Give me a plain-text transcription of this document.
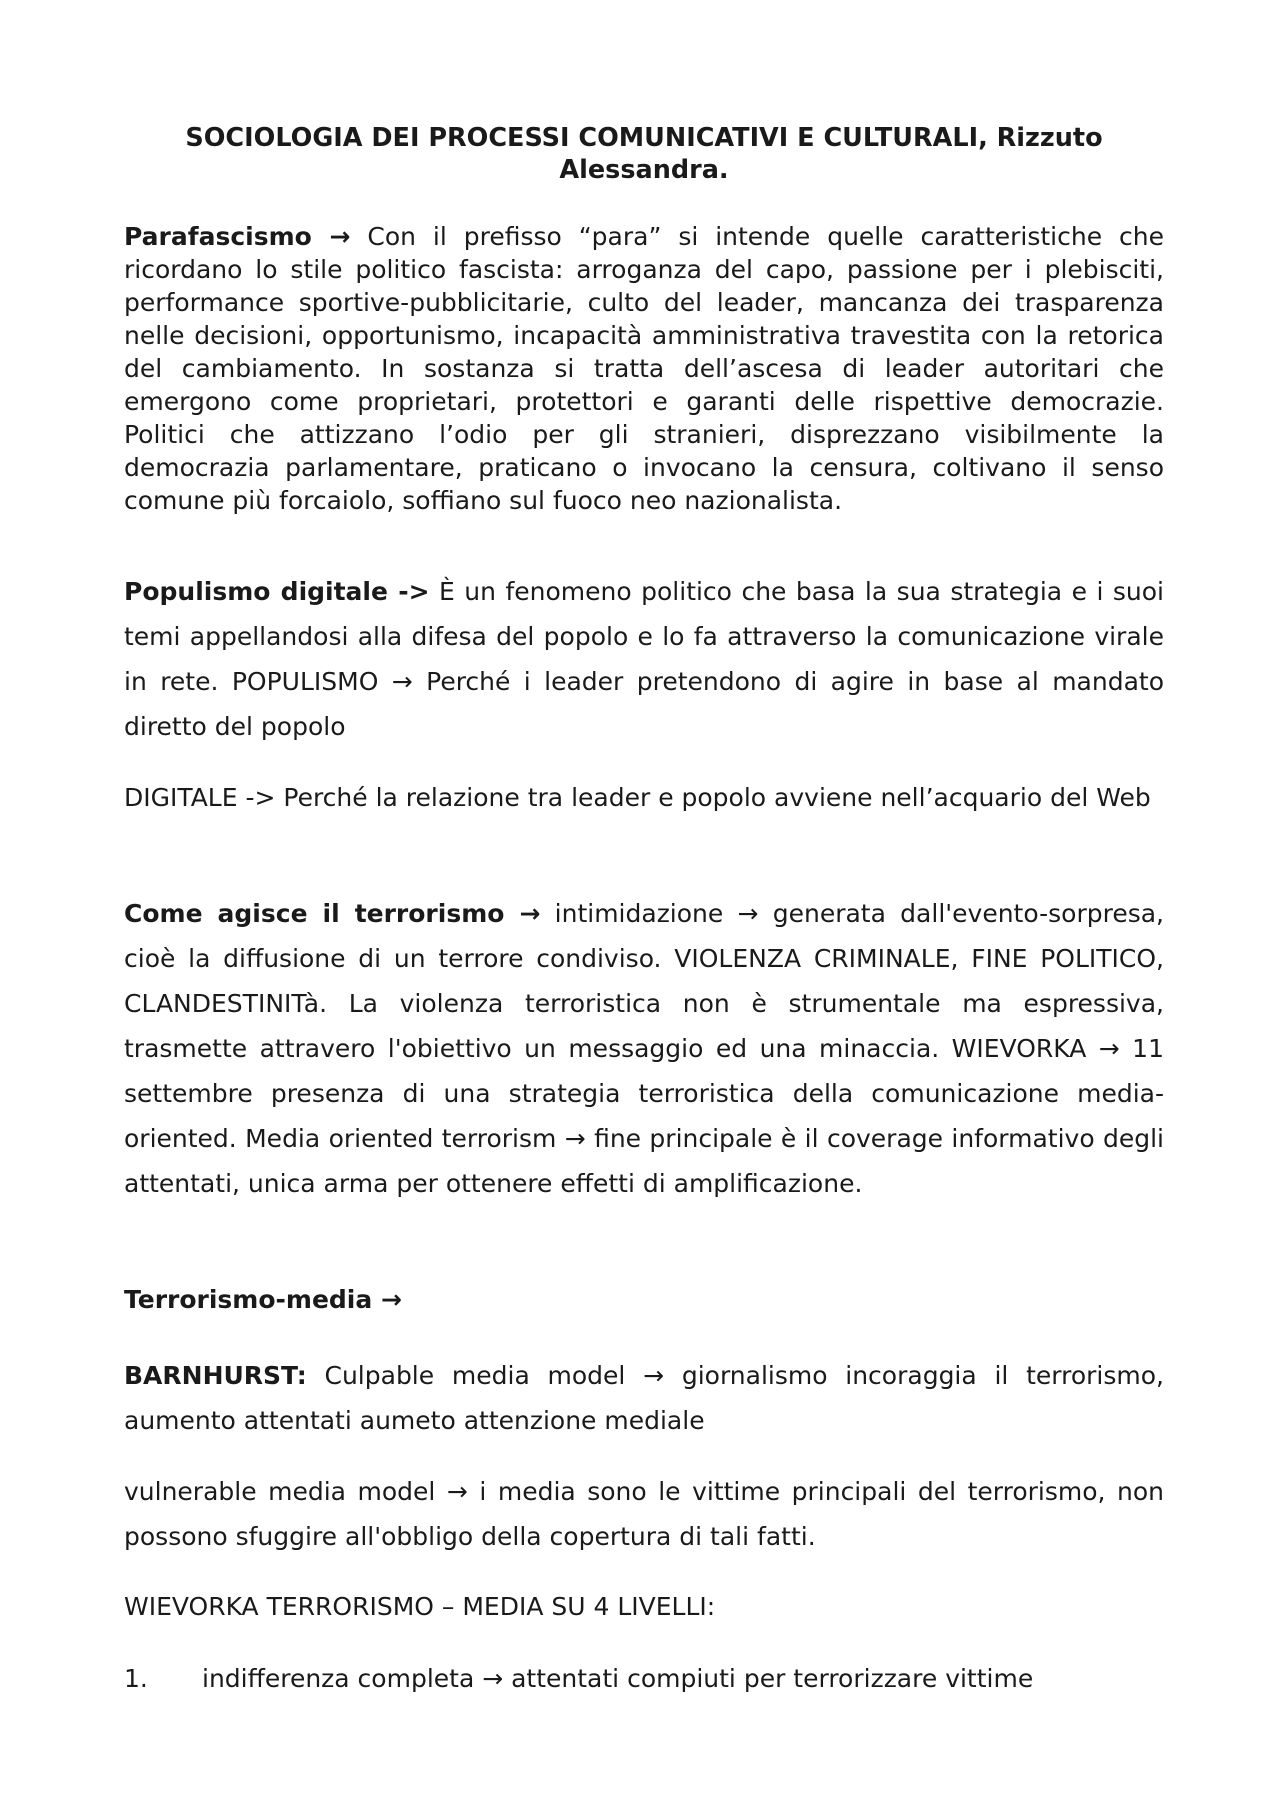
SOCIOLOGIA DEI PROCESSI COMUNICATIVI E CULTURALI, Rizzuto Alessandra.

Parafascismo → Con il prefisso “para” si intende quelle caratteristiche che ricordano lo stile politico fascista: arroganza del capo, passione per i plebisciti, performance sportive-pubblicitarie, culto del leader, mancanza dei trasparenza nelle decisioni, opportunismo, incapacità amministrativa travestita con la retorica del cambiamento. In sostanza si tratta dell’ascesa di leader autoritari che emergono come proprietari, protettori e garanti delle rispettive democrazie. Politici che attizzano l’odio per gli stranieri, disprezzano visibilmente la democrazia parlamentare, praticano o invocano la censura, coltivano il senso comune più forcaiolo, soffiano sul fuoco neo nazionalista.

Populismo digitale -> È un fenomeno politico che basa la sua strategia e i suoi temi appellandosi alla difesa del popolo e lo fa attraverso la comunicazione virale in rete. POPULISMO → Perché i leader pretendono di agire in base al mandato diretto del popolo

DIGITALE -> Perché la relazione tra leader e popolo avviene nell’acquario del Web

Come agisce il terrorismo → intimidazione → generata dall'evento-sorpresa, cioè la diffusione di un terrore condiviso. VIOLENZA CRIMINALE, FINE POLITICO, CLANDESTINITà. La violenza terroristica non è strumentale ma espressiva, trasmette attravero l'obiettivo un messaggio ed una minaccia. WIEVORKA → 11 settembre presenza di una strategia terroristica della comunicazione media-oriented. Media oriented terrorism → fine principale è il coverage informativo degli attentati, unica arma per ottenere effetti di amplificazione.

Terrorismo-media →

BARNHURST: Culpable media model → giornalismo incoraggia il terrorismo, aumento attentati aumeto attenzione mediale

vulnerable media model → i media sono le vittime principali del terrorismo, non possono sfuggire all'obbligo della copertura di tali fatti.

WIEVORKA TERRORISMO – MEDIA SU 4 LIVELLI:

1. indifferenza completa → attentati compiuti per terrorizzare vittime
